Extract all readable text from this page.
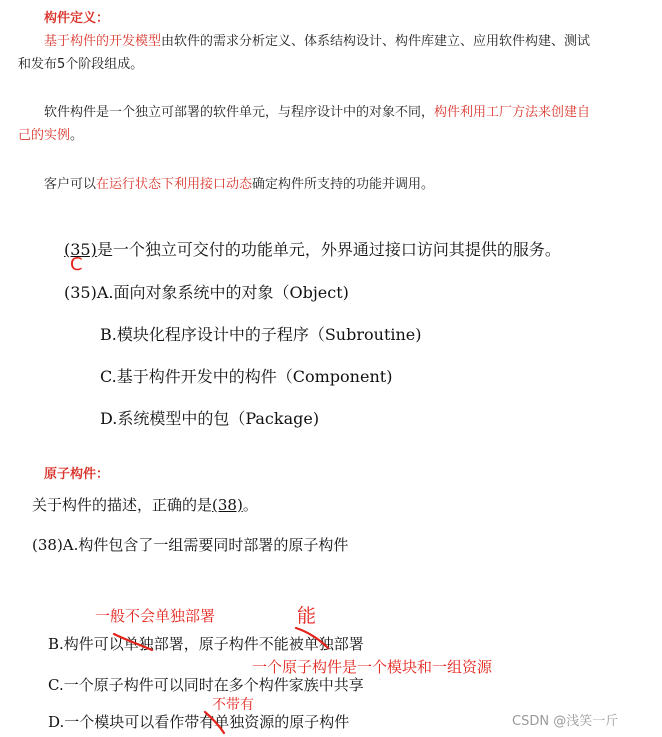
构件定义：
基于构件的开发模型由软件的需求分析定义、体系结构设计、构件库建立、应用软件构建、测试
和发布5个阶段组成。
软件构件是一个独立可部署的软件单元，与程序设计中的对象不同，构件利用工厂方法来创建自
己的实例。
客户可以在运行状态下利用接口动态确定构件所支持的功能并调用。
(35)是一个独立可交付的功能单元，外界通过接口访问其提供的服务。
C
(35)A.面向对象系统中的对象（Object)
B.模块化程序设计中的子程序（Subroutine)
C.基于构件开发中的构件（Component)
D.系统模型中的包（Package)
原子构件：
关于构件的描述，正确的是(38)。
(38)A.构件包含了一组需要同时部署的原子构件
一般不会单独部署	能
B.构件可以单独部署，原子构件不能被单独部署
一个原子构件是一个模块和一组资源
C.一个原子构件可以同时在多个构件家族中共享
不带有
D.一个模块可以看作带有单独资源的原子构件	CSDN @浅笑一斤
